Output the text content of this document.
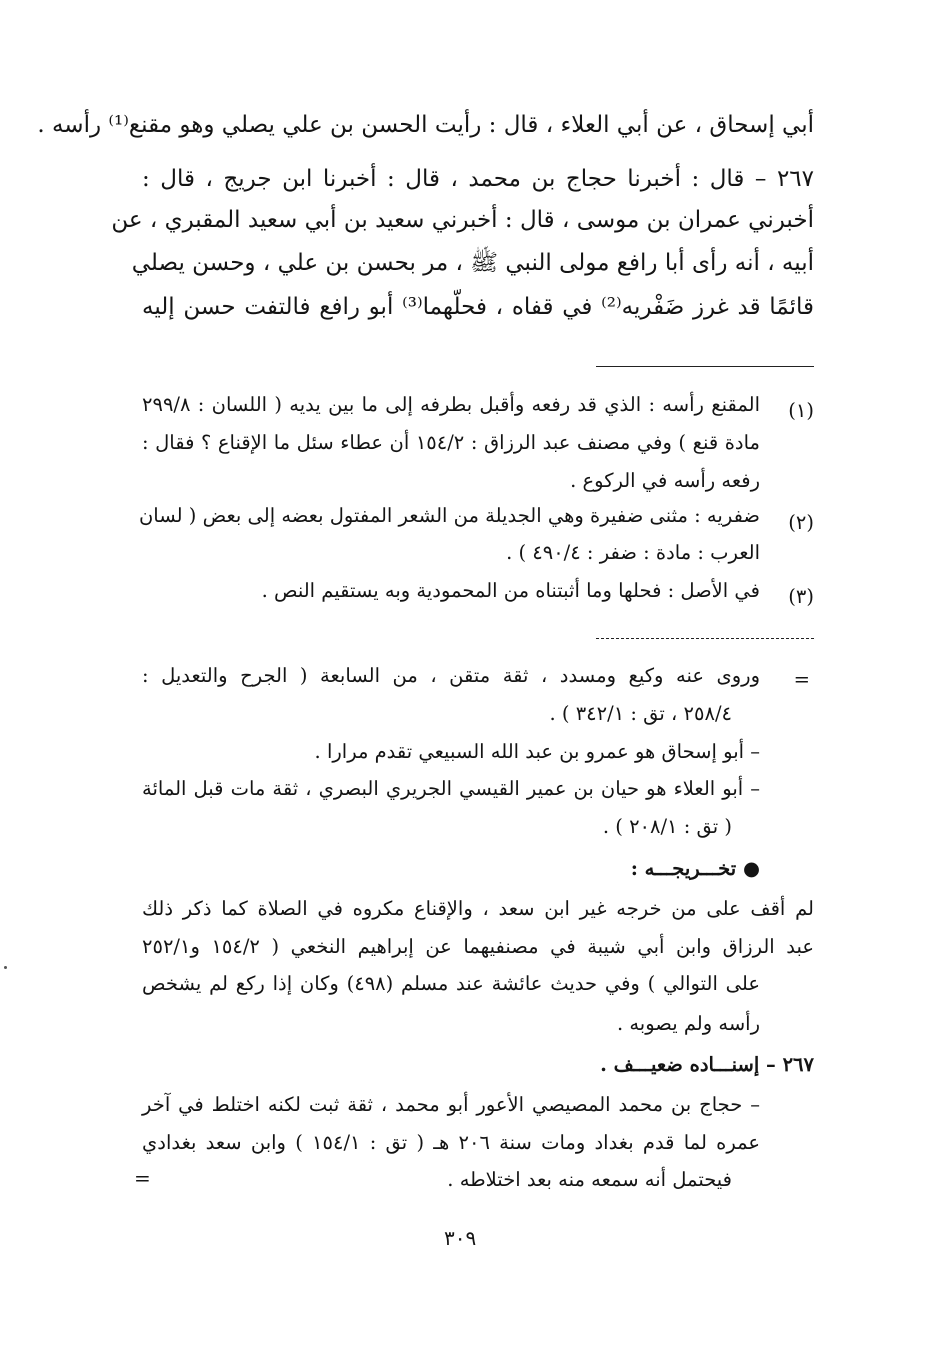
أبي إسحاق ، عن أبي العلاء ، قال : رأيت الحسن بن علي يصلي وهو مقنع⁽¹⁾ رأسه .
٢٦٧ – قال : أخبرنا حجاج بن محمد ، قال : أخبرنا ابن جريج ، قال :
أخبرني عمران بن موسى ، قال : أخبرني سعيد بن أبي سعيد المقبري ، عن
أبيه ، أنه رأى أبا رافع مولى النبي ﷺ ، مر بحسن بن علي ، وحسن يصلي
قائمًا قد غرز ضَفْريه⁽²⁾ في قفاه ، فحلّهما⁽³⁾ أبو رافع فالتفت حسن إليه
(١)
المقنع رأسه : الذي قد رفعه وأقبل بطرفه إلى ما بين يديه ( اللسان : ٢٩٩/٨
مادة قنع ) وفي مصنف عبد الرزاق : ١٥٤/٢ أن عطاء سئل ما الإقناع ؟ فقال :
رفعه رأسه في الركوع .
(٢)
ضفريه : مثنى ضفيرة وهي الجديلة من الشعر المفتول بعضه إلى بعض ( لسان
العرب : مادة : ضفر : ٤٩٠/٤ ) .
(٣)
في الأصل : فحلها وما أثبتناه من المحمودية وبه يستقيم النص .
=
وروى عنه وكيع ومسدد ، ثقة متقن ، من السابعة ( الجرح والتعديل :
٢٥٨/٤ ، تق : ٣٤٢/١ ) .
– أبو إسحاق هو عمرو بن عبد الله السبيعي تقدم مرارا .
– أبو العلاء هو حيان بن عمير القيسي الجريري البصري ، ثقة مات قبل المائة
( تق : ٢٠٨/١ ) .
● تخـــريجـــه :
لم أقف على من خرجه غير ابن سعد ، والإقناع مكروه في الصلاة كما ذكر ذلك
عبد الرزاق وابن أبي شيبة في مصنفيهما عن إبراهيم النخعي ( ١٥٤/٢ و٢٥٢/١
على التوالي ) وفي حديث عائشة عند مسلم (٤٩٨) وكان إذا ركع لم يشخص
رأسه ولم يصوبه .
٢٦٧ – إسنـــاده ضعيـــف .
– حجاج بن محمد المصيصي الأعور أبو محمد ، ثقة ثبت لكنه اختلط في آخر
عمره لما قدم بغداد ومات سنة ٢٠٦ هـ ( تق : ١٥٤/١ ) وابن سعد بغدادي
فيحتمل أنه سمعه منه بعد اختلاطه .
=
٣٠٩
